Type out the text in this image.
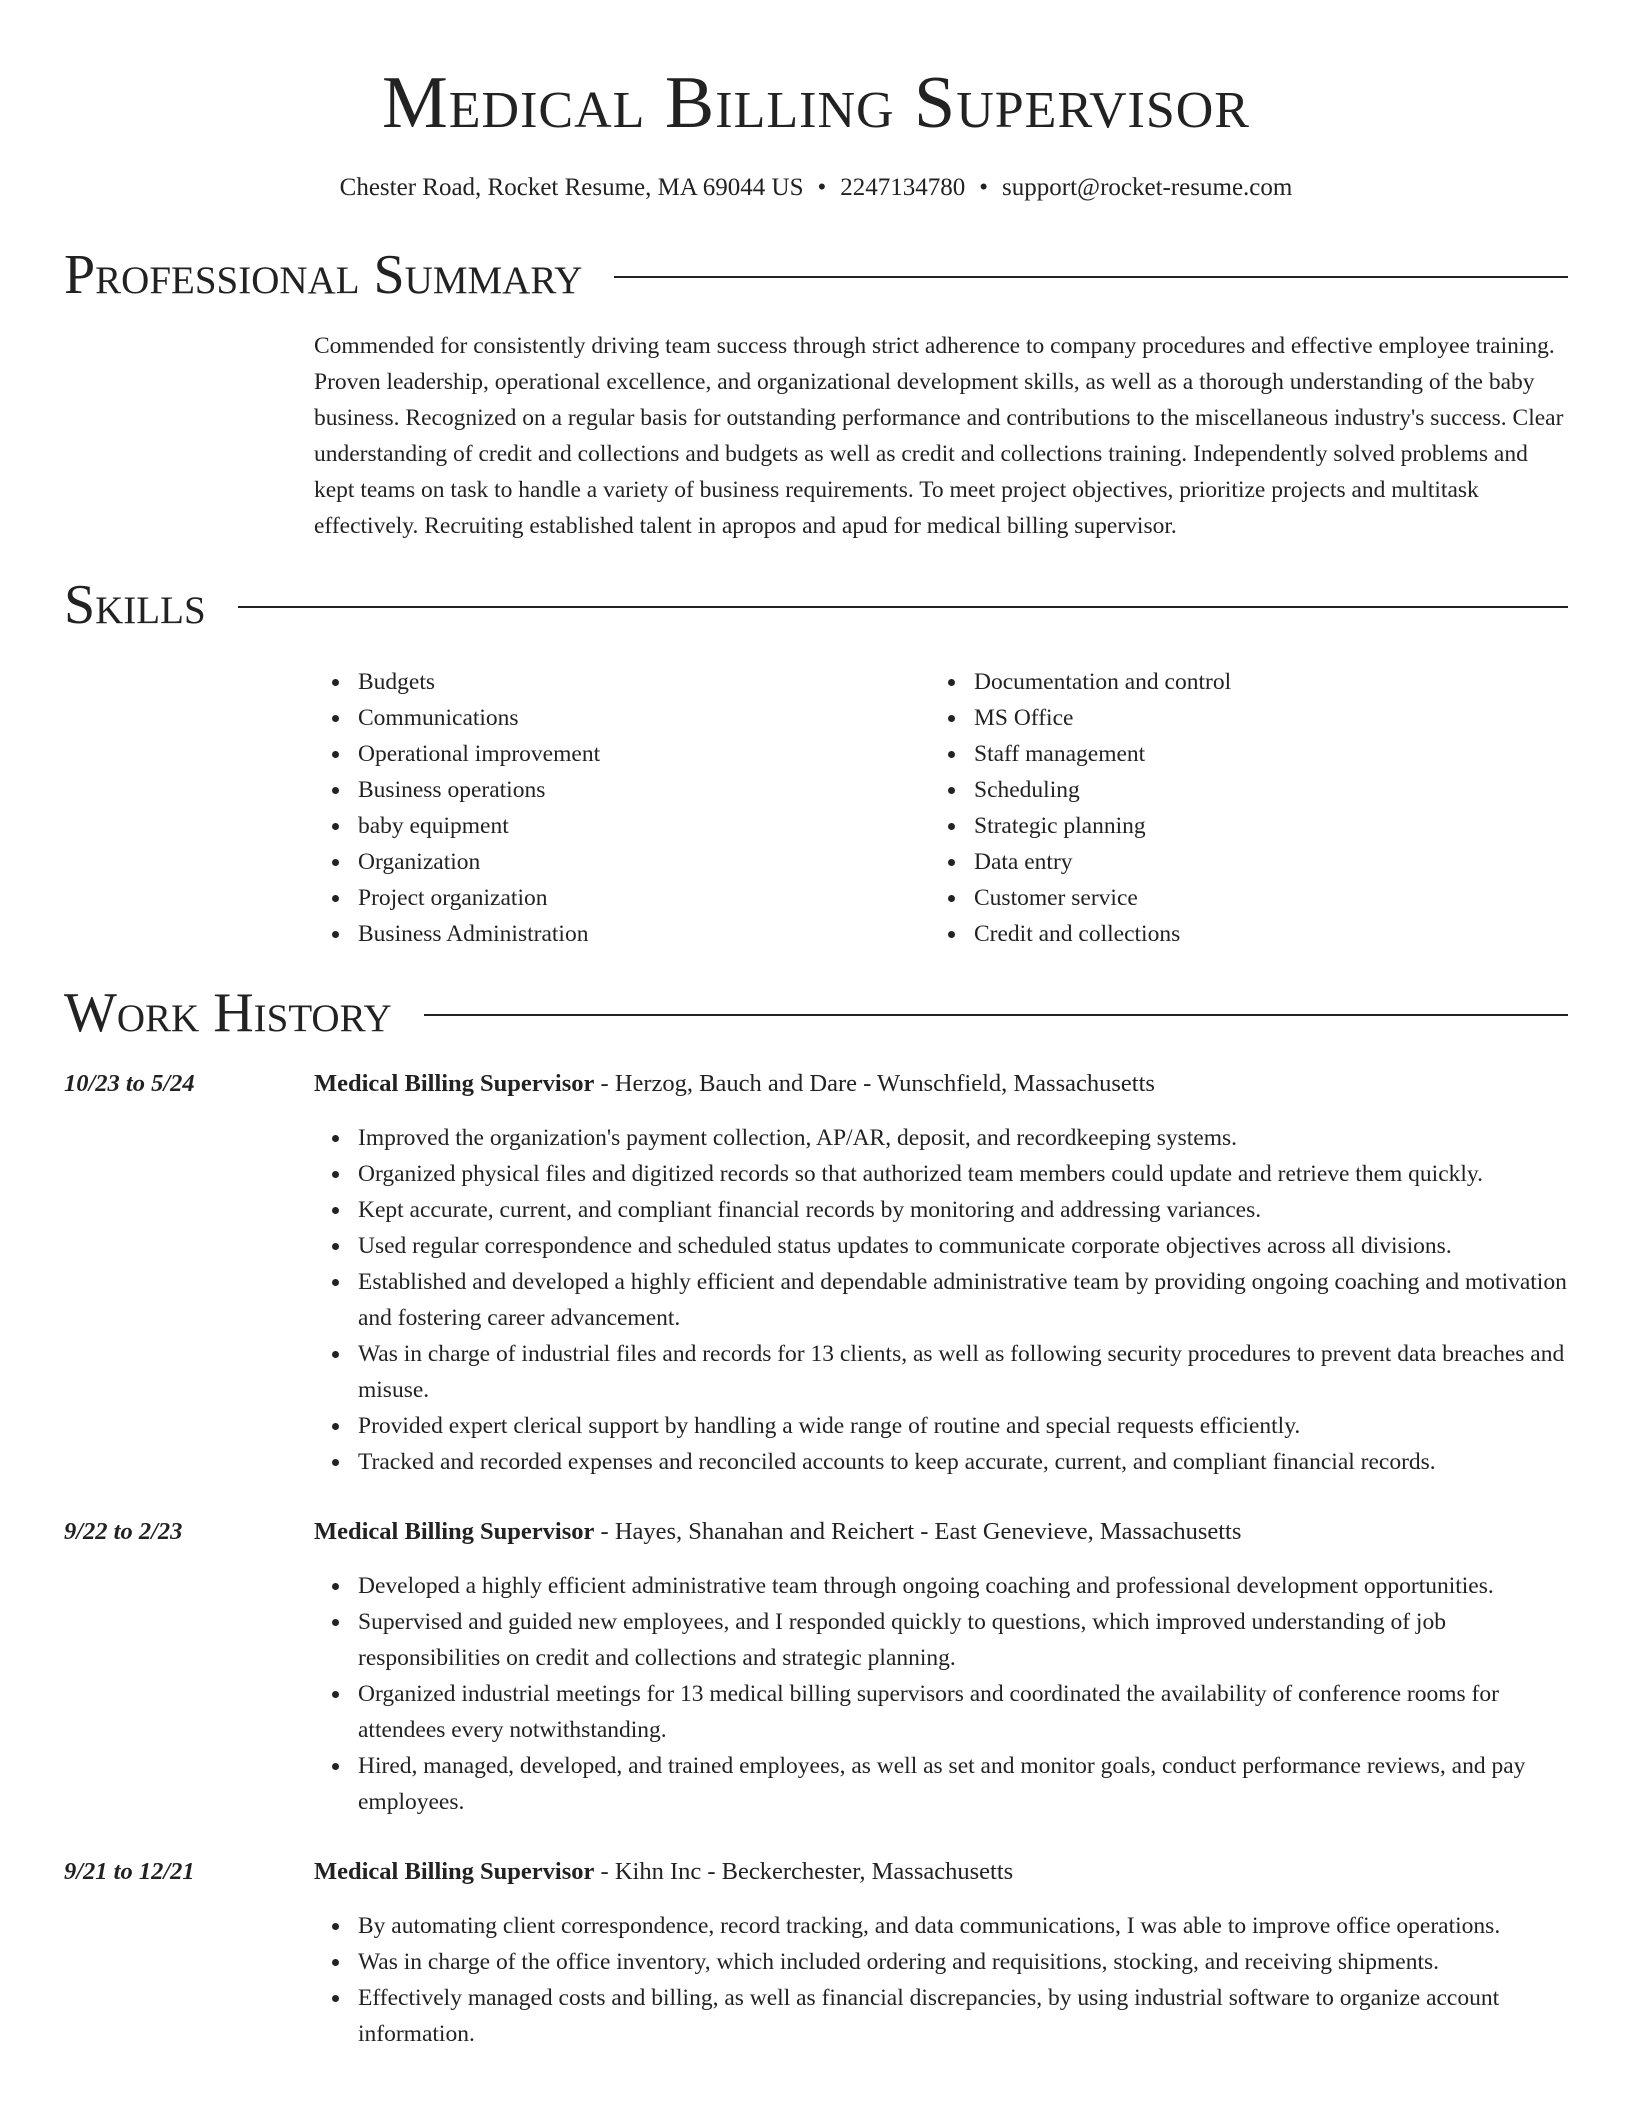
Medical Billing Supervisor
Chester Road, Rocket Resume, MA 69044 US • 2247134780 • support@rocket-resume.com
Professional Summary

Commended for consistently driving team success through strict adherence to company procedures and effective employee training. Proven leadership, operational excellence, and organizational development skills, as well as a thorough understanding of the baby business. Recognized on a regular basis for outstanding performance and contributions to the miscellaneous industry's success. Clear understanding of credit and collections and budgets as well as credit and collections training. Independently solved problems and kept teams on task to handle a variety of business requirements. To meet project objectives, prioritize projects and multitask effectively. Recruiting established talent in apropos and apud for medical billing supervisor.

Skills
Budgets
Communications
Operational improvement
Business operations
baby equipment
Organization
Project organization
Business Administration
Documentation and control
MS Office
Staff management
Scheduling
Strategic planning
Data entry
Customer service
Credit and collections
Work History
10/23 to 5/24	Medical Billing Supervisor - Herzog, Bauch and Dare - Wunschfield, Massachusetts
Improved the organization's payment collection, AP/AR, deposit, and recordkeeping systems.
Organized physical files and digitized records so that authorized team members could update and retrieve them quickly.
Kept accurate, current, and compliant financial records by monitoring and addressing variances.
Used regular correspondence and scheduled status updates to communicate corporate objectives across all divisions.
Established and developed a highly efficient and dependable administrative team by providing ongoing coaching and motivation and fostering career advancement.
Was in charge of industrial files and records for 13 clients, as well as following security procedures to prevent data breaches and misuse.
Provided expert clerical support by handling a wide range of routine and special requests efficiently.
Tracked and recorded expenses and reconciled accounts to keep accurate, current, and compliant financial records.
9/22 to 2/23	Medical Billing Supervisor - Hayes, Shanahan and Reichert - East Genevieve, Massachusetts
Developed a highly efficient administrative team through ongoing coaching and professional development opportunities.
Supervised and guided new employees, and I responded quickly to questions, which improved understanding of job responsibilities on credit and collections and strategic planning.
Organized industrial meetings for 13 medical billing supervisors and coordinated the availability of conference rooms for attendees every notwithstanding.
Hired, managed, developed, and trained employees, as well as set and monitor goals, conduct performance reviews, and pay employees.
9/21 to 12/21	Medical Billing Supervisor - Kihn Inc - Beckerchester, Massachusetts
By automating client correspondence, record tracking, and data communications, I was able to improve office operations.
Was in charge of the office inventory, which included ordering and requisitions, stocking, and receiving shipments.
Effectively managed costs and billing, as well as financial discrepancies, by using industrial software to organize account information.
